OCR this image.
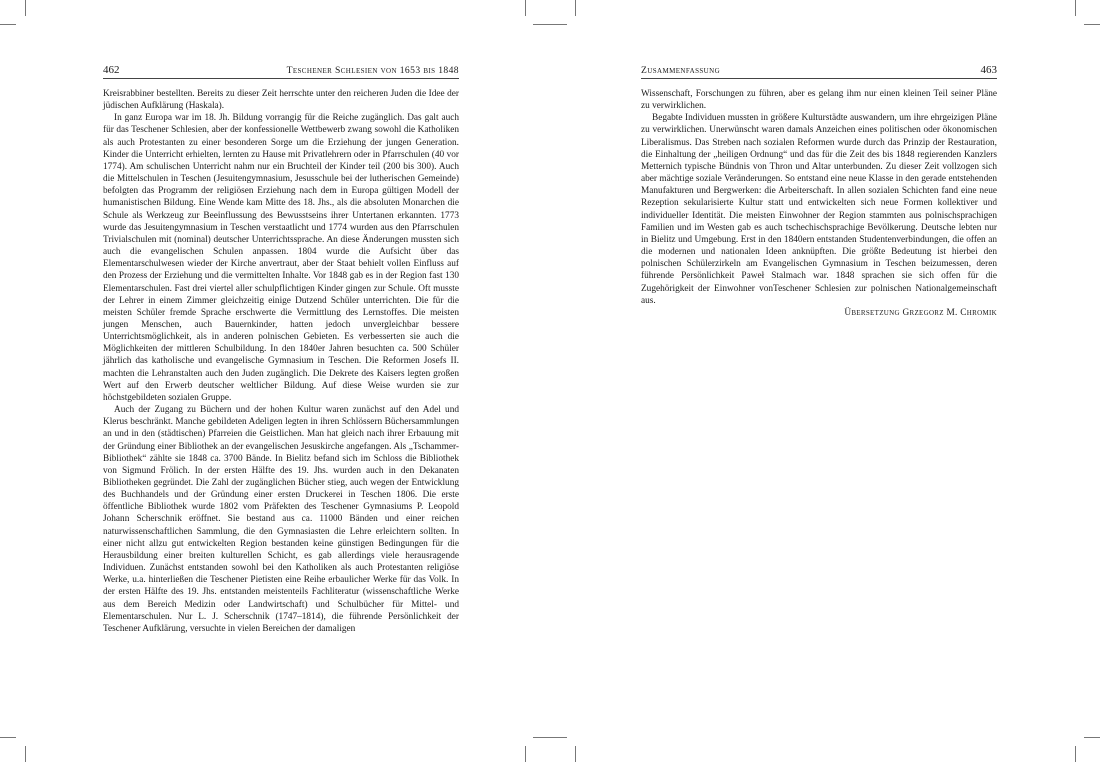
462	Teschener Schlesien von 1653 bis 1848

Kreisrabbiner bestellten. Bereits zu dieser Zeit herrschte unter den reicheren Juden die Idee der jüdischen Aufklärung (Haskala).

In ganz Europa war im 18. Jh. Bildung vorrangig für die Reiche zugänglich. Das galt auch für das Teschener Schlesien, aber der konfessionelle Wettbewerb zwang sowohl die Katholiken als auch Protestanten zu einer besonderen Sorge um die Erziehung der jungen Generation. Kinder die Unterricht erhielten, lernten zu Hause mit Privatlehrern oder in Pfarrschulen (40 vor 1774). Am schulischen Unterricht nahm nur ein Bruchteil der Kinder teil (200 bis 300). Auch die Mittelschulen in Teschen (Jesuitengymnasium, Jesusschule bei der lutherischen Gemeinde) befolgten das Programm der religiösen Erziehung nach dem in Europa gültigen Modell der humanistischen Bildung. Eine Wende kam Mitte des 18. Jhs., als die absoluten Monarchen die Schule als Werkzeug zur Beeinflussung des Bewusstseins ihrer Untertanen erkannten. 1773 wurde das Jesuitengymnasium in Teschen verstaatlicht und 1774 wurden aus den Pfarrschulen Trivialschulen mit (nominal) deutscher Unterrichtssprache. An diese Änderungen mussten sich auch die evangelischen Schulen anpassen. 1804 wurde die Aufsicht über das Elementarschulwesen wieder der Kirche anvertraut, aber der Staat behielt vollen Einfluss auf den Prozess der Erziehung und die vermittelten Inhalte. Vor 1848 gab es in der Region fast 130 Elementarschulen. Fast drei viertel aller schulpflichtigen Kinder gingen zur Schule. Oft musste der Lehrer in einem Zimmer gleichzeitig einige Dutzend Schüler unterrichten. Die für die meisten Schüler fremde Sprache erschwerte die Vermittlung des Lernstoffes. Die meisten jungen Menschen, auch Bauernkinder, hatten jedoch unvergleichbar bessere Unterrichtsmöglichkeit, als in anderen polnischen Gebieten. Es verbesserten sie auch die Möglichkeiten der mittleren Schulbildung. In den 1840er Jahren besuchten ca. 500 Schüler jährlich das katholische und evangelische Gymnasium in Teschen. Die Reformen Josefs II. machten die Lehranstalten auch den Juden zugänglich. Die Dekrete des Kaisers legten großen Wert auf den Erwerb deutscher weltlicher Bildung. Auf diese Weise wurden sie zur höchstgebildeten sozialen Gruppe.

Auch der Zugang zu Büchern und der hohen Kultur waren zunächst auf den Adel und Klerus beschränkt. Manche gebildeten Adeligen legten in ihren Schlössern Büchersammlungen an und in den (städtischen) Pfarreien die Geistlichen. Man hat gleich nach ihrer Erbauung mit der Gründung einer Bibliothek an der evangelischen Jesuskirche angefangen. Als „Tschammer-Bibliothek“ zählte sie 1848 ca. 3700 Bände. In Bielitz befand sich im Schloss die Bibliothek von Sigmund Frölich. In der ersten Hälfte des 19. Jhs. wurden auch in den Dekanaten Bibliotheken gegründet. Die Zahl der zugänglichen Bücher stieg, auch wegen der Entwicklung des Buchhandels und der Gründung einer ersten Druckerei in Teschen 1806. Die erste öffentliche Bibliothek wurde 1802 vom Präfekten des Teschener Gymnasiums P. Leopold Johann Scherschnik eröffnet. Sie bestand aus ca. 11000 Bänden und einer reichen naturwissenschaftlichen Sammlung, die den Gymnasiasten die Lehre erleichtern sollten. In einer nicht allzu gut entwickelten Region bestanden keine günstigen Bedingungen für die Herausbildung einer breiten kulturellen Schicht, es gab allerdings viele herausragende Individuen. Zunächst entstanden sowohl bei den Katholiken als auch Protestanten religiöse Werke, u.a. hinterließen die Teschener Pietisten eine Reihe erbaulicher Werke für das Volk. In der ersten Hälfte des 19. Jhs. entstanden meistenteils Fachliteratur (wissenschaftliche Werke aus dem Bereich Medizin oder Landwirtschaft) und Schulbücher für Mittel- und Elementarschulen. Nur L. J. Scherschnik (1747–1814), die führende Persönlichkeit der Teschener Aufklärung, versuchte in vielen Bereichen der damaligen

Zusammenfassung	463

Wissenschaft, Forschungen zu führen, aber es gelang ihm nur einen kleinen Teil seiner Pläne zu verwirklichen.

Begabte Individuen mussten in größere Kulturstädte auswandern, um ihre ehrgeizigen Pläne zu verwirklichen. Unerwünscht waren damals Anzeichen eines politischen oder ökonomischen Liberalismus. Das Streben nach sozialen Reformen wurde durch das Prinzip der Restauration, die Einhaltung der „heiligen Ordnung“ und das für die Zeit des bis 1848 regierenden Kanzlers Metternich typische Bündnis von Thron und Altar unterbunden. Zu dieser Zeit vollzogen sich aber mächtige soziale Veränderungen. So entstand eine neue Klasse in den gerade entstehenden Manufakturen und Bergwerken: die Arbeiterschaft. In allen sozialen Schichten fand eine neue Rezeption sekularisierte Kultur statt und entwickelten sich neue Formen kollektiver und individueller Identität. Die meisten Einwohner der Region stammten aus polnischsprachigen Familien und im Westen gab es auch tschechischsprachige Bevölkerung. Deutsche lebten nur in Bielitz und Umgebung. Erst in den 1840ern entstanden Studentenverbindungen, die offen an die modernen und nationalen Ideen anknüpften. Die größte Bedeutung ist hierbei den polnischen Schülerzirkeln am Evangelischen Gymnasium in Teschen beizumessen, deren führende Persönlichkeit Paweł Stalmach war. 1848 sprachen sie sich offen für die Zugehörigkeit der Einwohner vonTeschener Schlesien zur polnischen Nationalgemeinschaft aus.

Übersetzung Grzegorz M. Chromik
